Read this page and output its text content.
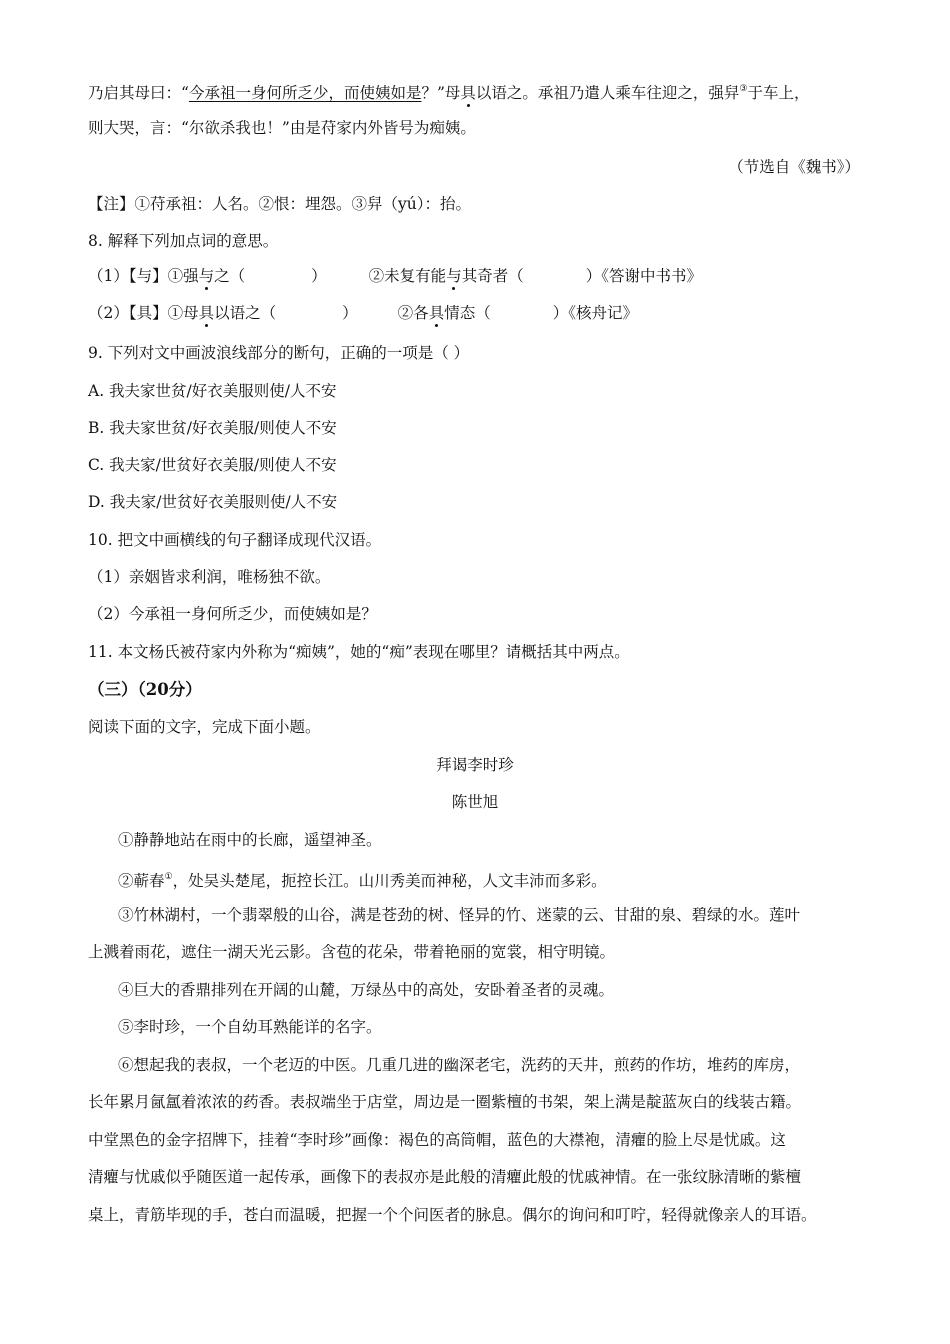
乃启其母曰：“今承祖一身何所乏少，而使姨如是？”母具以语之。承祖乃遣人乘车往迎之，强舁③于车上，
则大哭，言：“尔欲杀我也！”由是苻家内外皆号为痴姨。
（节选自《魏书》）
【注】①苻承祖：人名。②恨：埋怨。③舁（yú）：抬。
8. 解释下列加点词的意思。
（1）【与】①强与之（	）	②未复有能与其奇者（	）《答谢中书书》
（2）【具】①母具以语之（	）	②各具情态（	）《核舟记》
9. 下列对文中画波浪线部分的断句，正确的一项是（ ）
A. 我夫家世贫/好衣美服则使/人不安
B. 我夫家世贫/好衣美服/则使人不安
C. 我夫家/世贫好衣美服/则使人不安
D. 我夫家/世贫好衣美服则使/人不安
10. 把文中画横线的句子翻译成现代汉语。
（1）亲姻皆求利润，唯杨独不欲。
（2）今承祖一身何所乏少，而使姨如是？
11. 本文杨氏被苻家内外称为“痴姨”，她的“痴”表现在哪里？请概括其中两点。
（三）（20分）
阅读下面的文字，完成下面小题。
拜谒李时珍
陈世旭
①静静地站在雨中的长廊，遥望神圣。
②蕲春①，处吴头楚尾，扼控长江。山川秀美而神秘，人文丰沛而多彩。
③竹林湖村，一个翡翠般的山谷，满是苍劲的树、怪异的竹、迷蒙的云、甘甜的泉、碧绿的水。莲叶
上溅着雨花，遮住一湖天光云影。含苞的花朵，带着艳丽的宽裳，相守明镜。
④巨大的香鼎排列在开阔的山麓，万绿丛中的高处，安卧着圣者的灵魂。
⑤李时珍，一个自幼耳熟能详的名字。
⑥想起我的表叔，一个老迈的中医。几重几进的幽深老宅，洗药的天井，煎药的作坊，堆药的库房，
长年累月氤氲着浓浓的药香。表叔端坐于店堂，周边是一圈紫檀的书架，架上满是靛蓝灰白的线装古籍。
中堂黑色的金字招牌下，挂着“李时珍”画像：褐色的高筒帽，蓝色的大襟袍，清癯的脸上尽是忧戚。这
清癯与忧戚似乎随医道一起传承，画像下的表叔亦是此般的清癯此般的忧戚神情。在一张纹脉清晰的紫檀
桌上，青筋毕现的手，苍白而温暖，把握一个个问医者的脉息。偶尔的询问和叮咛，轻得就像亲人的耳语。
